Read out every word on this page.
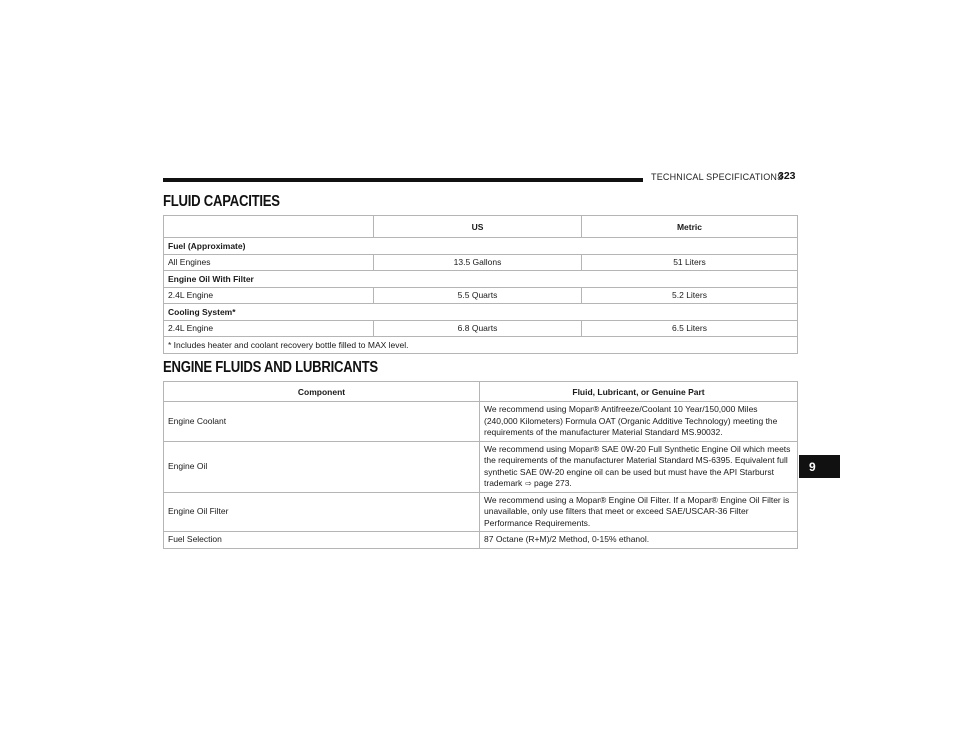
TECHNICAL SPECIFICATIONS
323
FLUID CAPACITIES
	US	Metric
Fuel (Approximate)		
All Engines	13.5 Gallons	51 Liters
Engine Oil With Filter		
2.4L Engine	5.5 Quarts	5.2 Liters
Cooling System*		
2.4L Engine	6.8 Quarts	6.5 Liters
* Includes heater and coolant recovery bottle filled to MAX level.		
ENGINE FLUIDS AND LUBRICANTS
Component	Fluid, Lubricant, or Genuine Part
Engine Coolant	We recommend using Mopar® Antifreeze/Coolant 10 Year/150,000 Miles (240,000 Kilometers) Formula OAT (Organic Additive Technology) meeting the requirements of the manufacturer Material Standard MS.90032.
Engine Oil	We recommend using Mopar® SAE 0W-20 Full Synthetic Engine Oil which meets the requirements of the manufacturer Material Standard MS-6395. Equivalent full synthetic SAE 0W-20 engine oil can be used but must have the API Starburst trademark ⇨ page 273.
Engine Oil Filter	We recommend using a Mopar® Engine Oil Filter. If a Mopar® Engine Oil Filter is unavailable, only use filters that meet or exceed SAE/USCAR-36 Filter Performance Requirements.
Fuel Selection	87 Octane (R+M)/2 Method, 0-15% ethanol.
9
